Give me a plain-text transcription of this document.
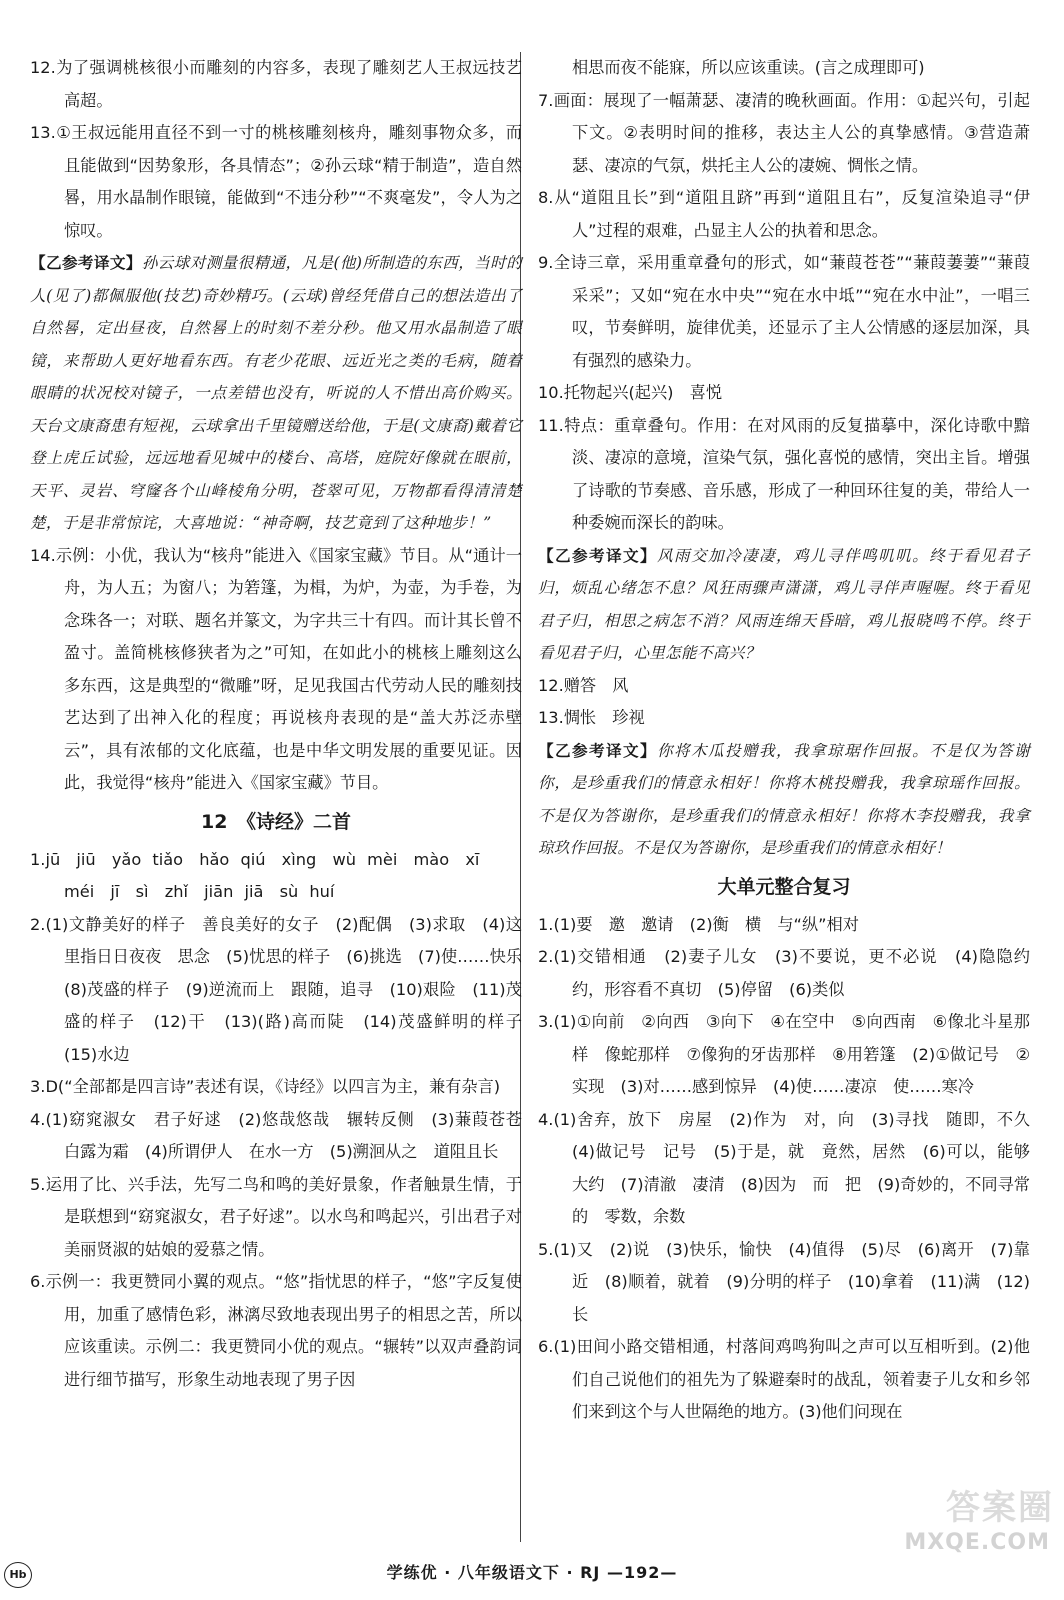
12.为了强调桃核很小而雕刻的内容多，表现了雕刻艺人王叔远技艺高超。

13.①王叔远能用直径不到一寸的桃核雕刻核舟，雕刻事物众多，而且能做到“因势象形，各具情态”；②孙云球“精于制造”，造自然晷，用水晶制作眼镜，能做到“不违分秒”“不爽毫发”，令人为之惊叹。

【乙参考译文】孙云球对测量很精通，凡是(他)所制造的东西，当时的人(见了)都佩服他(技艺)奇妙精巧。(云球)曾经凭借自己的想法造出了自然晷，定出昼夜，自然晷上的时刻不差分秒。他又用水晶制造了眼镜，来帮助人更好地看东西。有老少花眼、远近光之类的毛病，随着眼睛的状况校对镜子，一点差错也没有，听说的人不惜出高价购买。天台文康裔患有短视，云球拿出千里镜赠送给他，于是(文康裔)戴着它登上虎丘试验，远远地看见城中的楼台、高塔，庭院好像就在眼前，天平、灵岩、穹窿各个山峰棱角分明，苍翠可见，万物都看得清清楚楚，于是非常惊诧，大喜地说：“神奇啊，技艺竟到了这种地步！”

14.示例：小优，我认为“核舟”能进入《国家宝藏》节目。从“通计一舟，为人五；为窗八；为箬篷，为楫，为炉，为壶，为手卷，为念珠各一；对联、题名并篆文，为字共三十有四。而计其长曾不盈寸。盖简桃核修狭者为之”可知，在如此小的桃核上雕刻这么多东西，这是典型的“微雕”呀，足见我国古代劳动人民的雕刻技艺达到了出神入化的程度；再说核舟表现的是“盖大苏泛赤壁云”，具有浓郁的文化底蕴，也是中华文明发展的重要见证。因此，我觉得“核舟”能进入《国家宝藏》节目。

12　《诗经》二首

1.jū　jiū　yǎo tiǎo　hǎo qiú　xìng　wù mèi　mào　xī　méi　jī　sì　zhǐ　jiān jiā　sù huí

2.(1)文静美好的样子　善良美好的女子　(2)配偶　(3)求取　(4)这里指日日夜夜　思念　(5)忧思的样子　(6)挑选　(7)使……快乐　(8)茂盛的样子　(9)逆流而上　跟随，追寻　(10)艰险　(11)茂盛的样子　(12)干　(13)(路)高而陡　(14)茂盛鲜明的样子　(15)水边

3.D(“全部都是四言诗”表述有误，《诗经》以四言为主，兼有杂言)

4.(1)窈窕淑女　君子好逑　(2)悠哉悠哉　辗转反侧　(3)蒹葭苍苍　白露为霜　(4)所谓伊人　在水一方　(5)溯洄从之　道阻且长

5.运用了比、兴手法，先写二鸟和鸣的美好景象，作者触景生情，于是联想到“窈窕淑女，君子好逑”。以水鸟和鸣起兴，引出君子对美丽贤淑的姑娘的爱慕之情。

6.示例一：我更赞同小翼的观点。“悠”指忧思的样子，“悠”字反复使用，加重了感情色彩，淋漓尽致地表现出男子的相思之苦，所以应该重读。示例二：我更赞同小优的观点。“辗转”以双声叠韵词进行细节描写，形象生动地表现了男子因

相思而夜不能寐，所以应该重读。(言之成理即可)

7.画面：展现了一幅萧瑟、凄清的晚秋画面。作用：①起兴句，引起下文。②表明时间的推移，表达主人公的真挚感情。③营造萧瑟、凄凉的气氛，烘托主人公的凄婉、惆怅之情。

8.从“道阻且长”到“道阻且跻”再到“道阻且右”，反复渲染追寻“伊人”过程的艰难，凸显主人公的执着和思念。

9.全诗三章，采用重章叠句的形式，如“蒹葭苍苍”“蒹葭萋萋”“蒹葭采采”；又如“宛在水中央”“宛在水中坻”“宛在水中沚”，一唱三叹，节奏鲜明，旋律优美，还显示了主人公情感的逐层加深，具有强烈的感染力。

10.托物起兴(起兴)　喜悦

11.特点：重章叠句。作用：在对风雨的反复描摹中，深化诗歌中黯淡、凄凉的意境，渲染气氛，强化喜悦的感情，突出主旨。增强了诗歌的节奏感、音乐感，形成了一种回环往复的美，带给人一种委婉而深长的韵味。

【乙参考译文】风雨交加冷凄凄，鸡儿寻伴鸣叽叽。终于看见君子归，烦乱心绪怎不息？风狂雨骤声潇潇，鸡儿寻伴声喔喔。终于看见君子归，相思之病怎不消？风雨连绵天昏暗，鸡儿报晓鸣不停。终于看见君子归，心里怎能不高兴？

12.赠答　风

13.惆怅　珍视

【乙参考译文】你将木瓜投赠我，我拿琼琚作回报。不是仅为答谢你，是珍重我们的情意永相好！你将木桃投赠我，我拿琼瑶作回报。不是仅为答谢你，是珍重我们的情意永相好！你将木李投赠我，我拿琼玖作回报。不是仅为答谢你，是珍重我们的情意永相好！

大单元整合复习

1.(1)要　邀　邀请　(2)衡　横　与“纵”相对

2.(1)交错相通　(2)妻子儿女　(3)不要说，更不必说　(4)隐隐约约，形容看不真切　(5)停留　(6)类似

3.(1)①向前　②向西　③向下　④在空中　⑤向西南　⑥像北斗星那样　像蛇那样　⑦像狗的牙齿那样　⑧用箬篷　(2)①做记号　②实现　(3)对……感到惊异　(4)使……凄凉　使……寒冷

4.(1)舍弃，放下　房屋　(2)作为　对，向　(3)寻找　随即，不久　(4)做记号　记号　(5)于是，就　竟然，居然　(6)可以，能够　大约　(7)清澈　凄清　(8)因为　而　把　(9)奇妙的，不同寻常的　零数，余数

5.(1)又　(2)说　(3)快乐，愉快　(4)值得　(5)尽　(6)离开　(7)靠近　(8)顺着，就着　(9)分明的样子　(10)拿着　(11)满　(12)长

6.(1)田间小路交错相通，村落间鸡鸣狗叫之声可以互相听到。(2)他们自己说他们的祖先为了躲避秦时的战乱，领着妻子儿女和乡邻们来到这个与人世隔绝的地方。(3)他们问现在

答案圈
MXQE.COM
Hb	学练优 · 八年级语文下 · RJ —192—
